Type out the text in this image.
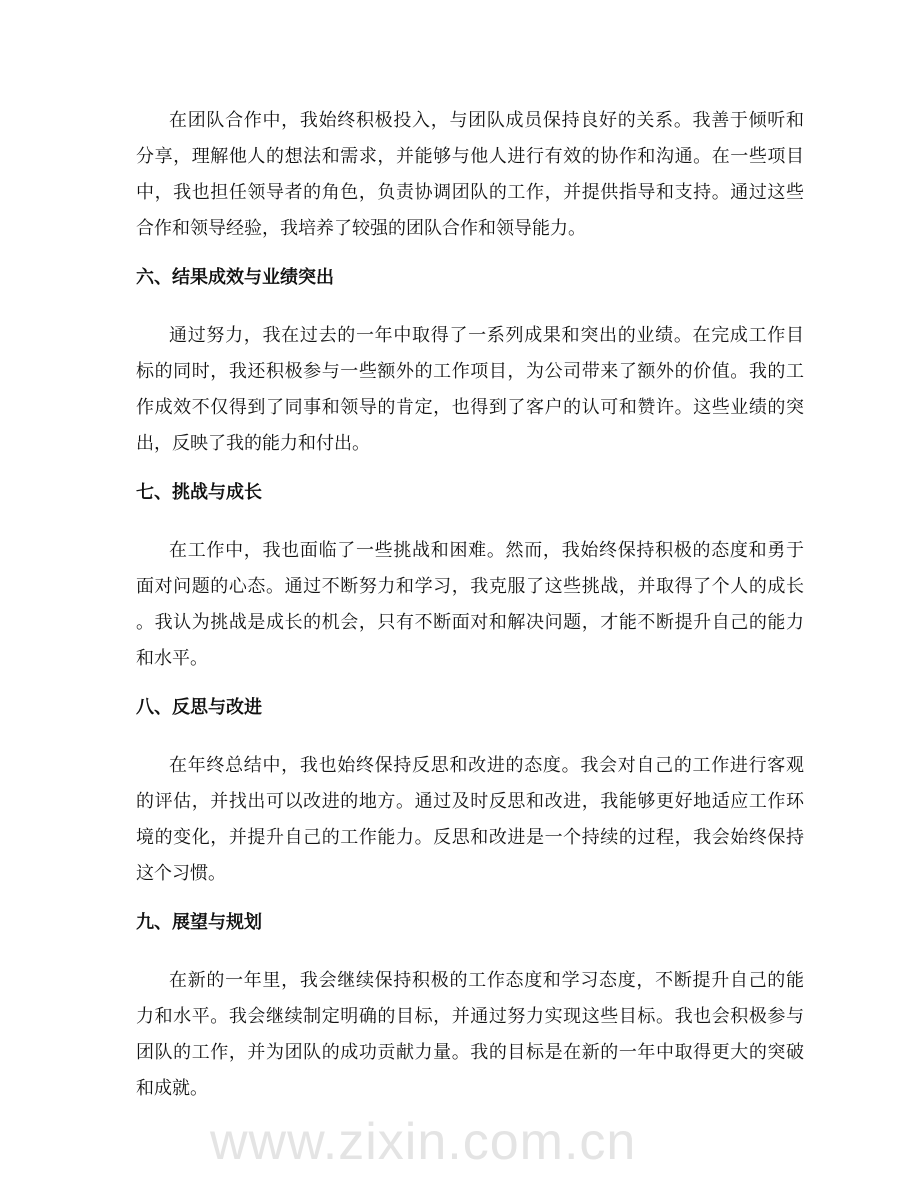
在团队合作中，我始终积极投入，与团队成员保持良好的关系。我善于倾听和
分享，理解他人的想法和需求，并能够与他人进行有效的协作和沟通。在一些项目
中，我也担任领导者的角色，负责协调团队的工作，并提供指导和支持。通过这些
合作和领导经验，我培养了较强的团队合作和领导能力。
六、结果成效与业绩突出
通过努力，我在过去的一年中取得了一系列成果和突出的业绩。在完成工作目
标的同时，我还积极参与一些额外的工作项目，为公司带来了额外的价值。我的工
作成效不仅得到了同事和领导的肯定，也得到了客户的认可和赞许。这些业绩的突
出，反映了我的能力和付出。
七、挑战与成长
在工作中，我也面临了一些挑战和困难。然而，我始终保持积极的态度和勇于
面对问题的心态。通过不断努力和学习，我克服了这些挑战，并取得了个人的成长
。我认为挑战是成长的机会，只有不断面对和解决问题，才能不断提升自己的能力
和水平。
八、反思与改进
在年终总结中，我也始终保持反思和改进的态度。我会对自己的工作进行客观
的评估，并找出可以改进的地方。通过及时反思和改进，我能够更好地适应工作环
境的变化，并提升自己的工作能力。反思和改进是一个持续的过程，我会始终保持
这个习惯。
九、展望与规划
在新的一年里，我会继续保持积极的工作态度和学习态度，不断提升自己的能
力和水平。我会继续制定明确的目标，并通过努力实现这些目标。我也会积极参与
团队的工作，并为团队的成功贡献力量。我的目标是在新的一年中取得更大的突破
和成就。
www.zixin.com.cn
